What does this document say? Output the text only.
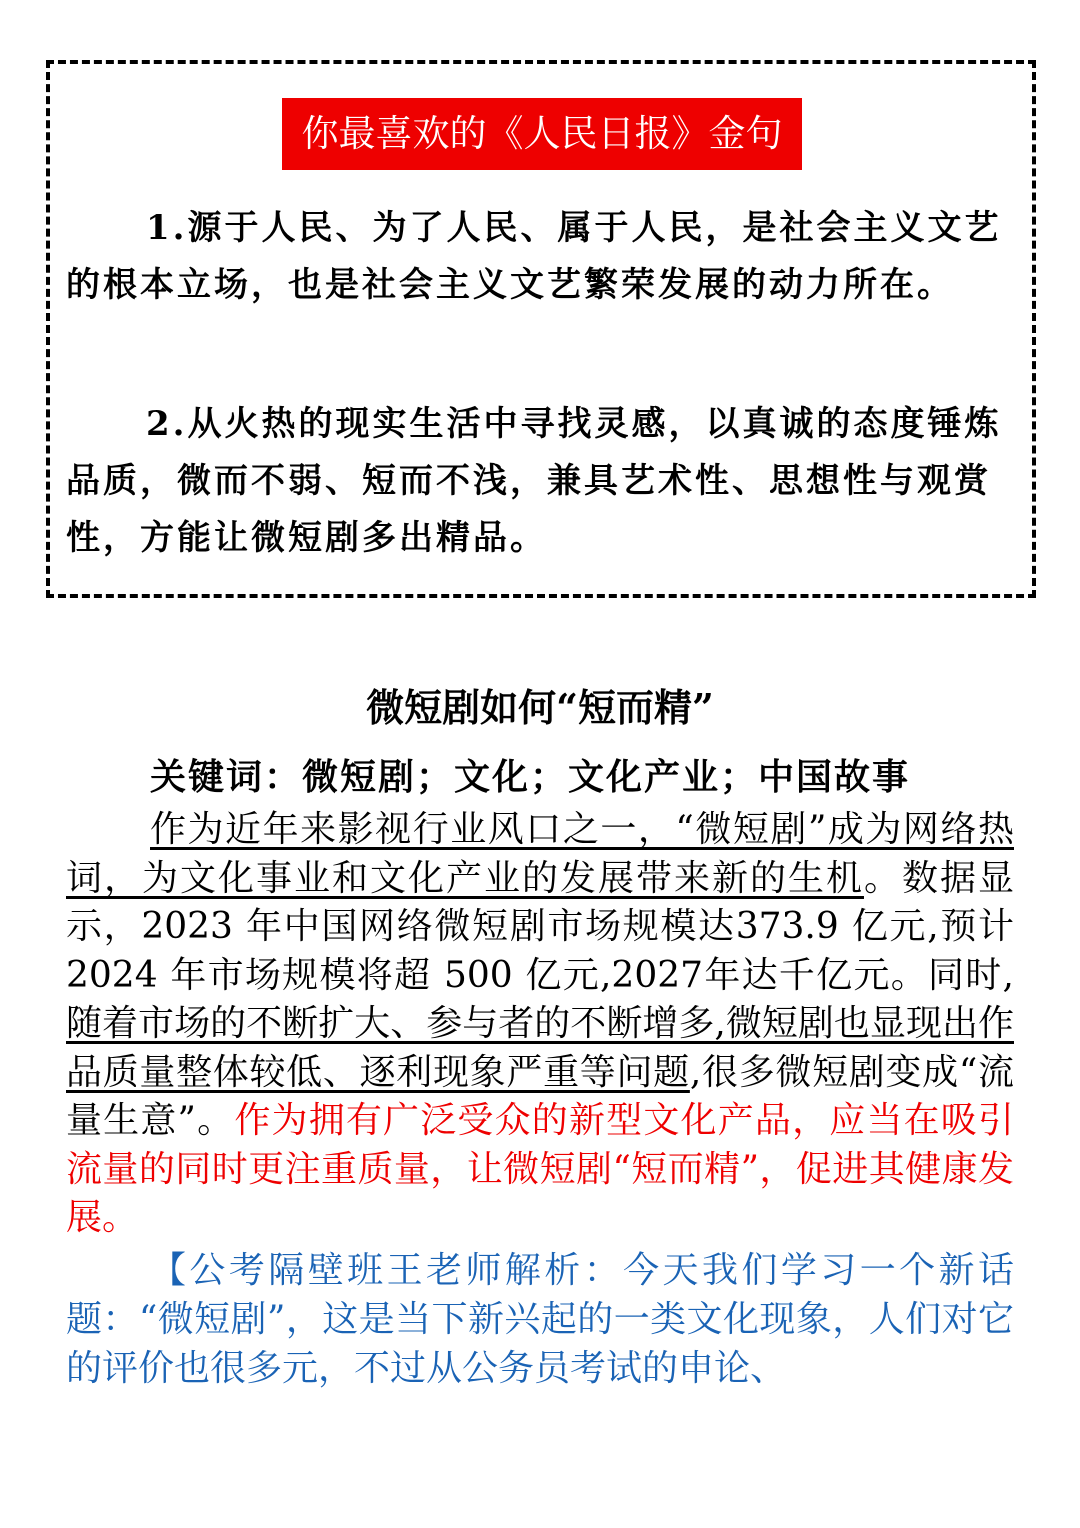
你最喜欢的《人民日报》金句

1.源于人民、为了人民、属于人民，是社会主义文艺的根本立场，也是社会主义文艺繁荣发展的动力所在。

2.从火热的现实生活中寻找灵感，以真诚的态度锤炼品质，微而不弱、短而不浅，兼具艺术性、思想性与观赏性，方能让微短剧多出精品。

微短剧如何“短而精”

关键词：微短剧；文化；文化产业；中国故事

作为近年来影视行业风口之一，“微短剧”成为网络热词，为文化事业和文化产业的发展带来新的生机。数据显示，2023 年中国网络微短剧市场规模达373.9 亿元,预计 2024 年市场规模将超 500 亿元,2027年达千亿元。同时,随着市场的不断扩大、参与者的不断增多,微短剧也显现出作品质量整体较低、逐利现象严重等问题,很多微短剧变成“流量生意”。作为拥有广泛受众的新型文化产品，应当在吸引流量的同时更注重质量，让微短剧“短而精”，促进其健康发展。

【公考隔壁班王老师解析：今天我们学习一个新话题：“微短剧”，这是当下新兴起的一类文化现象，人们对它的评价也很多元，不过从公务员考试的申论、
